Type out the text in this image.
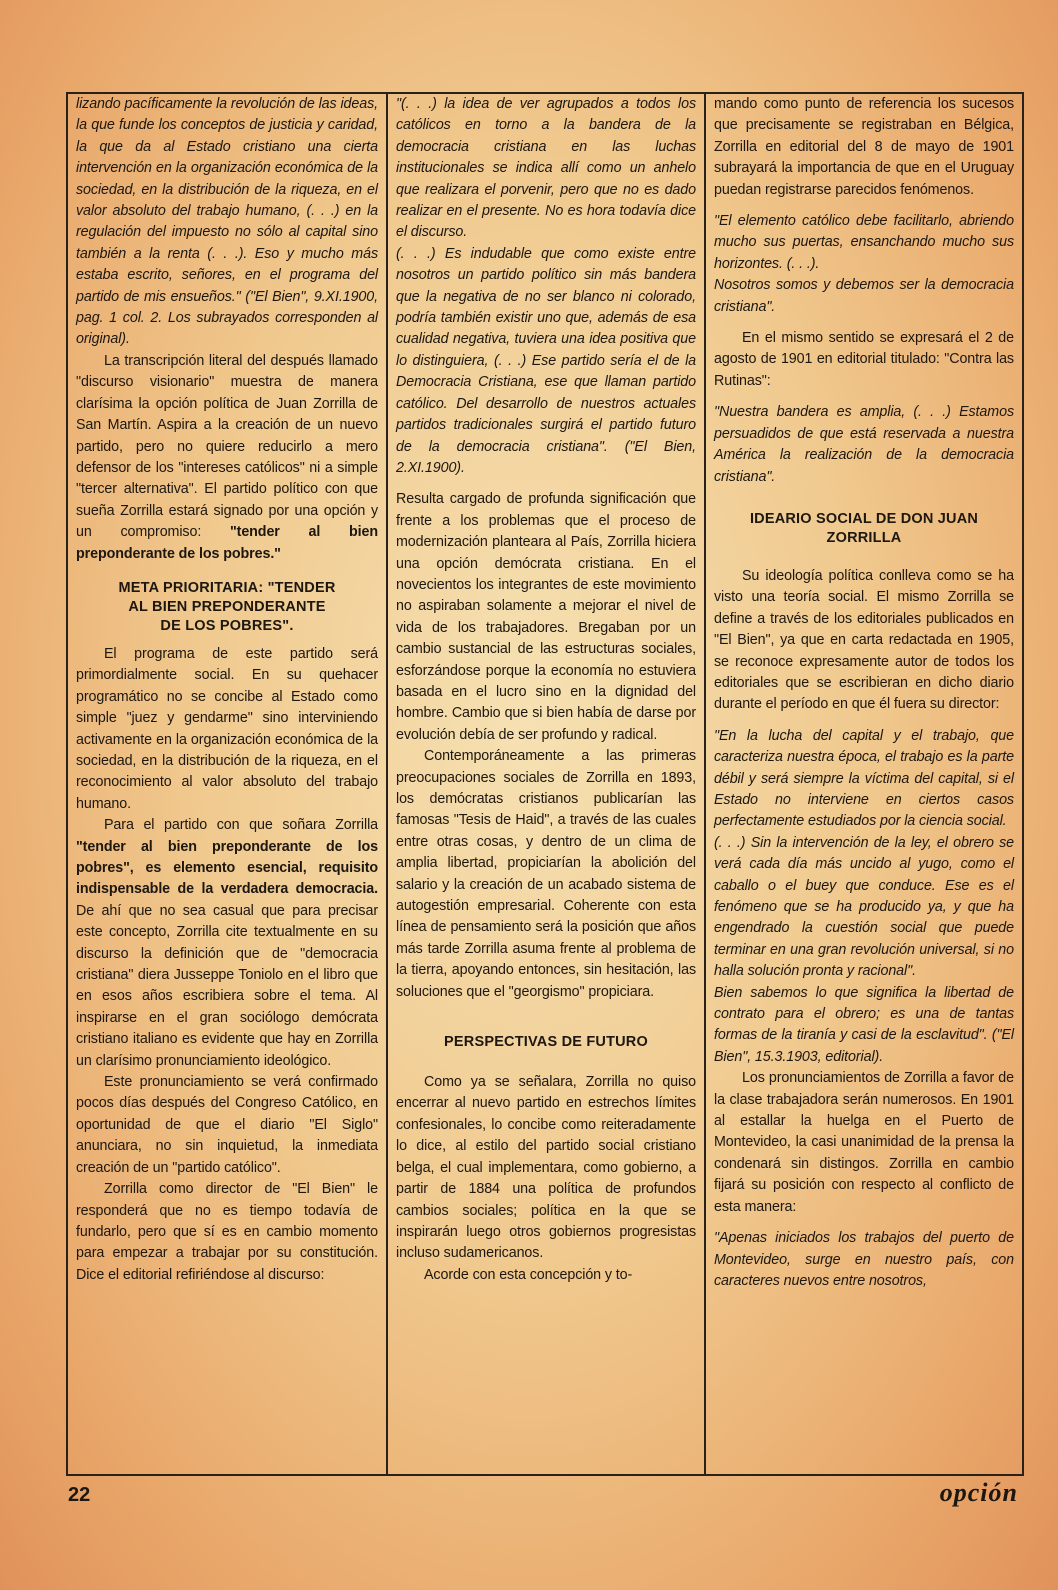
lizando pacíficamente la revolución de las ideas, la que funde los conceptos de justicia y caridad, la que da al Estado cristiano una cierta intervención en la organización económica de la sociedad, en la distribución de la riqueza, en el valor absoluto del trabajo humano, (. . .) en la regulación del impuesto no sólo al capital sino también a la renta (. . .). Eso y mucho más estaba escrito, señores, en el programa del partido de mis ensueños." ("El Bien", 9.XI.1900, pag. 1 col. 2. Los subrayados corresponden al original).

La transcripción literal del después llamado "discurso visionario" muestra de manera clarísima la opción política de Juan Zorrilla de San Martín. Aspira a la creación de un nuevo partido, pero no quiere reducirlo a mero defensor de los "intereses católicos" ni a simple "tercer alternativa". El partido político con que sueña Zorrilla estará signado por una opción y un compromiso: "tender al bien preponderante de los pobres."

META PRIORITARIA: "TENDER
AL BIEN PREPONDERANTE
DE LOS POBRES".

El programa de este partido será primordialmente social. En su quehacer programático no se concibe al Estado como simple "juez y gendarme" sino interviniendo activamente en la organización económica de la sociedad, en la distribución de la riqueza, en el reconocimiento al valor absoluto del trabajo humano.

Para el partido con que soñara Zorrilla "tender al bien preponderante de los pobres", es elemento esencial, requisito indispensable de la verdadera democracia. De ahí que no sea casual que para precisar este concepto, Zorrilla cite textualmente en su discurso la definición que de "democracia cristiana" diera Jusseppe Toniolo en el libro que en esos años escribiera sobre el tema. Al inspirarse en el gran sociólogo demócrata cristiano italiano es evidente que hay en Zorrilla un clarísimo pronunciamiento ideológico.

Este pronunciamiento se verá confirmado pocos días después del Congreso Católico, en oportunidad de que el diario "El Siglo" anunciara, no sin inquietud, la inmediata creación de un "partido católico".

Zorrilla como director de "El Bien" le responderá que no es tiempo todavía de fundarlo, pero que sí es en cambio momento para empezar a trabajar por su constitución. Dice el editorial refiriéndose al discurso:

"(. . .) la idea de ver agrupados a todos los católicos en torno a la bandera de la democracia cristiana en las luchas institucionales se indica allí como un anhelo que realizara el porvenir, pero que no es dado realizar en el presente. No es hora todavía dice el discurso.

(. . .) Es indudable que como existe entre nosotros un partido político sin más bandera que la negativa de no ser blanco ni colorado, podría también existir uno que, además de esa cualidad negativa, tuviera una idea positiva que lo distinguiera, (. . .) Ese partido sería el de la Democracia Cristiana, ese que llaman partido católico. Del desarrollo de nuestros actuales partidos tradicionales surgirá el partido futuro de la democracia cristiana". ("El Bien, 2.XI.1900).

Resulta cargado de profunda significación que frente a los problemas que el proceso de modernización planteara al País, Zorrilla hiciera una opción demócrata cristiana. En el novecientos los integrantes de este movimiento no aspiraban solamente a mejorar el nivel de vida de los trabajadores. Bregaban por un cambio sustancial de las estructuras sociales, esforzándose porque la economía no estuviera basada en el lucro sino en la dignidad del hombre. Cambio que si bien había de darse por evolución debía de ser profundo y radical.

Contemporáneamente a las primeras preocupaciones sociales de Zorrilla en 1893, los demócratas cristianos publicarían las famosas "Tesis de Haid", a través de las cuales entre otras cosas, y dentro de un clima de amplia libertad, propiciarían la abolición del salario y la creación de un acabado sistema de autogestión empresarial. Coherente con esta línea de pensamiento será la posición que años más tarde Zorrilla asuma frente al problema de la tierra, apoyando entonces, sin hesitación, las soluciones que el "georgismo" propiciara.

PERSPECTIVAS DE FUTURO

Como ya se señalara, Zorrilla no quiso encerrar al nuevo partido en estrechos límites confesionales, lo concibe como reiteradamente lo dice, al estilo del partido social cristiano belga, el cual implementara, como gobierno, a partir de 1884 una política de profundos cambios sociales; política en la que se inspirarán luego otros gobiernos progresistas incluso sudamericanos.

Acorde con esta concepción y to-

mando como punto de referencia los sucesos que precisamente se registraban en Bélgica, Zorrilla en editorial del 8 de mayo de 1901 subrayará la importancia de que en el Uruguay puedan registrarse parecidos fenómenos.

"El elemento católico debe facilitarlo, abriendo mucho sus puertas, ensanchando mucho sus horizontes. (. . .).

Nosotros somos y debemos ser la democracia cristiana".

En el mismo sentido se expresará el 2 de agosto de 1901 en editorial titulado: "Contra las Rutinas":

"Nuestra bandera es amplia, (. . .) Estamos persuadidos de que está reservada a nuestra América la realización de la democracia cristiana".

IDEARIO SOCIAL DE DON JUAN
ZORRILLA

Su ideología política conlleva como se ha visto una teoría social. El mismo Zorrilla se define a través de los editoriales publicados en "El Bien", ya que en carta redactada en 1905, se reconoce expresamente autor de todos los editoriales que se escribieran en dicho diario durante el período en que él fuera su director:

"En la lucha del capital y el trabajo, que caracteriza nuestra época, el trabajo es la parte débil y será siempre la víctima del capital, si el Estado no interviene en ciertos casos perfectamente estudiados por la ciencia social.

(. . .) Sin la intervención de la ley, el obrero se verá cada día más uncido al yugo, como el caballo o el buey que conduce. Ese es el fenómeno que se ha producido ya, y que ha engendrado la cuestión social que puede terminar en una gran revolución universal, si no halla solución pronta y racional".

Bien sabemos lo que significa la libertad de contrato para el obrero; es una de tantas formas de la tiranía y casi de la esclavitud". ("El Bien", 15.3.1903, editorial).

Los pronunciamientos de Zorrilla a favor de la clase trabajadora serán numerosos. En 1901 al estallar la huelga en el Puerto de Montevideo, la casi unanimidad de la prensa la condenará sin distingos. Zorrilla en cambio fijará su posición con respecto al conflicto de esta manera:

"Apenas iniciados los trabajos del puerto de Montevideo, surge en nuestro país, con caracteres nuevos entre nosotros,

22	opción
